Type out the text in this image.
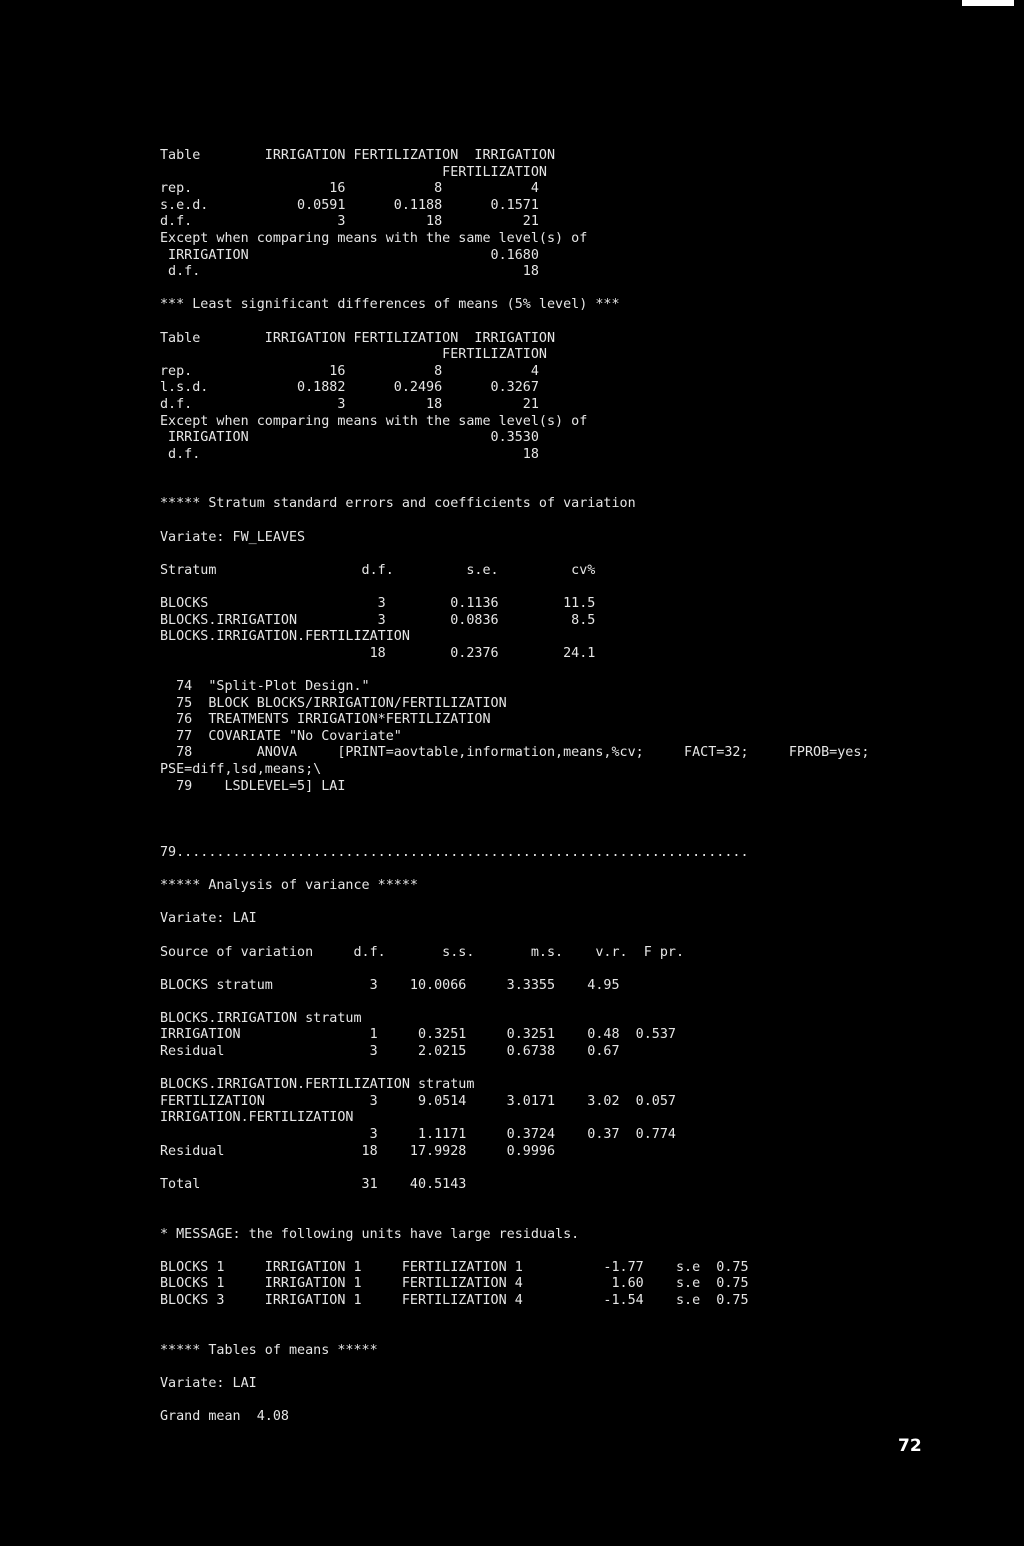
Table        IRRIGATION FERTILIZATION  IRRIGATION
FERTILIZATION
rep.                 16           8           4
s.e.d.           0.0591      0.1188      0.1571
d.f.                  3          18          21
Except when comparing means with the same level(s) of
IRRIGATION                              0.1680
d.f.                                        18
*** Least significant differences of means (5% level) ***
Table        IRRIGATION FERTILIZATION  IRRIGATION
FERTILIZATION
rep.                 16           8           4
l.s.d.           0.1882      0.2496      0.3267
d.f.                  3          18          21
Except when comparing means with the same level(s) of
IRRIGATION                              0.3530
d.f.                                        18
***** Stratum standard errors and coefficients of variation
Variate: FW_LEAVES
Stratum                  d.f.         s.e.         cv%
BLOCKS                     3        0.1136        11.5
BLOCKS.IRRIGATION          3        0.0836         8.5
BLOCKS.IRRIGATION.FERTILIZATION
18        0.2376        24.1
74  "Split-Plot Design."
75  BLOCK BLOCKS/IRRIGATION/FERTILIZATION
76  TREATMENTS IRRIGATION*FERTILIZATION
77  COVARIATE "No Covariate"
78        ANOVA     [PRINT=aovtable,information,means,%cv;     FACT=32;     FPROB=yes;
PSE=diff,lsd,means;\
79    LSDLEVEL=5] LAI
79.......................................................................
***** Analysis of variance *****
Variate: LAI
Source of variation     d.f.       s.s.       m.s.    v.r.  F pr.
BLOCKS stratum            3    10.0066     3.3355    4.95
BLOCKS.IRRIGATION stratum
IRRIGATION                1     0.3251     0.3251    0.48  0.537
Residual                  3     2.0215     0.6738    0.67
BLOCKS.IRRIGATION.FERTILIZATION stratum
FERTILIZATION             3     9.0514     3.0171    3.02  0.057
IRRIGATION.FERTILIZATION
3     1.1171     0.3724    0.37  0.774
Residual                 18    17.9928     0.9996
Total                    31    40.5143
* MESSAGE: the following units have large residuals.
BLOCKS 1     IRRIGATION 1     FERTILIZATION 1          -1.77    s.e  0.75
BLOCKS 1     IRRIGATION 1     FERTILIZATION 4           1.60    s.e  0.75
BLOCKS 3     IRRIGATION 1     FERTILIZATION 4          -1.54    s.e  0.75
***** Tables of means *****
Variate: LAI
Grand mean  4.08
72
